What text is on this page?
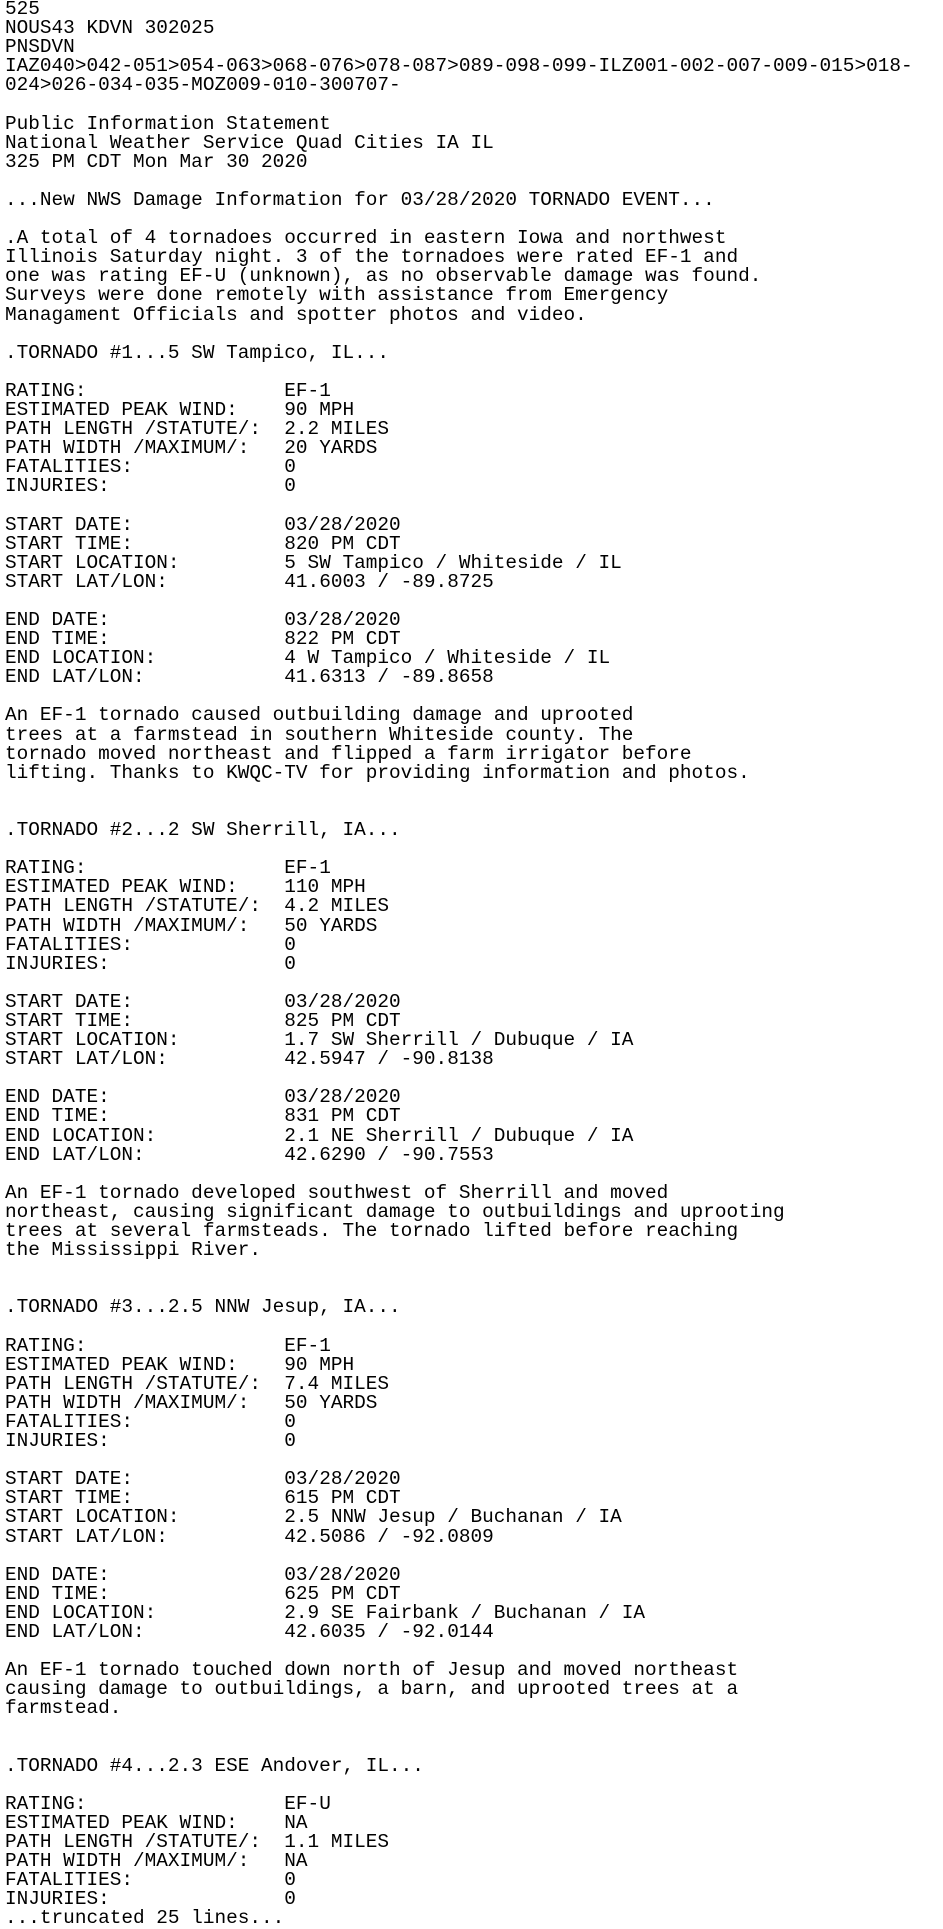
525
NOUS43 KDVN 302025
PNSDVN
IAZ040>042-051>054-063>068-076>078-087>089-098-099-ILZ001-002-007-009-015>018-
024>026-034-035-MOZ009-010-300707-
Public Information Statement
National Weather Service Quad Cities IA IL
325 PM CDT Mon Mar 30 2020
...New NWS Damage Information for 03/28/2020 TORNADO EVENT...
.A total of 4 tornadoes occurred in eastern Iowa and northwest
Illinois Saturday night. 3 of the tornadoes were rated EF-1 and
one was rating EF-U (unknown), as no observable damage was found.
Surveys were done remotely with assistance from Emergency
Managament Officials and spotter photos and video.
.TORNADO #1...5 SW Tampico, IL...
RATING:                 EF-1
ESTIMATED PEAK WIND:    90 MPH
PATH LENGTH /STATUTE/:  2.2 MILES
PATH WIDTH /MAXIMUM/:   20 YARDS
FATALITIES:             0
INJURIES:               0
START DATE:             03/28/2020
START TIME:             820 PM CDT
START LOCATION:         5 SW Tampico / Whiteside / IL
START LAT/LON:          41.6003 / -89.8725
END DATE:               03/28/2020
END TIME:               822 PM CDT
END LOCATION:           4 W Tampico / Whiteside / IL
END LAT/LON:            41.6313 / -89.8658
An EF-1 tornado caused outbuilding damage and uprooted
trees at a farmstead in southern Whiteside county. The
tornado moved northeast and flipped a farm irrigator before
lifting. Thanks to KWQC-TV for providing information and photos.
.TORNADO #2...2 SW Sherrill, IA...
RATING:                 EF-1
ESTIMATED PEAK WIND:    110 MPH
PATH LENGTH /STATUTE/:  4.2 MILES
PATH WIDTH /MAXIMUM/:   50 YARDS
FATALITIES:             0
INJURIES:               0
START DATE:             03/28/2020
START TIME:             825 PM CDT
START LOCATION:         1.7 SW Sherrill / Dubuque / IA
START LAT/LON:          42.5947 / -90.8138
END DATE:               03/28/2020
END TIME:               831 PM CDT
END LOCATION:           2.1 NE Sherrill / Dubuque / IA
END LAT/LON:            42.6290 / -90.7553
An EF-1 tornado developed southwest of Sherrill and moved
northeast, causing significant damage to outbuildings and uprooting
trees at several farmsteads. The tornado lifted before reaching
the Mississippi River.
.TORNADO #3...2.5 NNW Jesup, IA...
RATING:                 EF-1
ESTIMATED PEAK WIND:    90 MPH
PATH LENGTH /STATUTE/:  7.4 MILES
PATH WIDTH /MAXIMUM/:   50 YARDS
FATALITIES:             0
INJURIES:               0
START DATE:             03/28/2020
START TIME:             615 PM CDT
START LOCATION:         2.5 NNW Jesup / Buchanan / IA
START LAT/LON:          42.5086 / -92.0809
END DATE:               03/28/2020
END TIME:               625 PM CDT
END LOCATION:           2.9 SE Fairbank / Buchanan / IA
END LAT/LON:            42.6035 / -92.0144
An EF-1 tornado touched down north of Jesup and moved northeast
causing damage to outbuildings, a barn, and uprooted trees at a
farmstead.
.TORNADO #4...2.3 ESE Andover, IL...
RATING:                 EF-U
ESTIMATED PEAK WIND:    NA
PATH LENGTH /STATUTE/:  1.1 MILES
PATH WIDTH /MAXIMUM/:   NA
FATALITIES:             0
INJURIES:               0
...truncated 25 lines...
